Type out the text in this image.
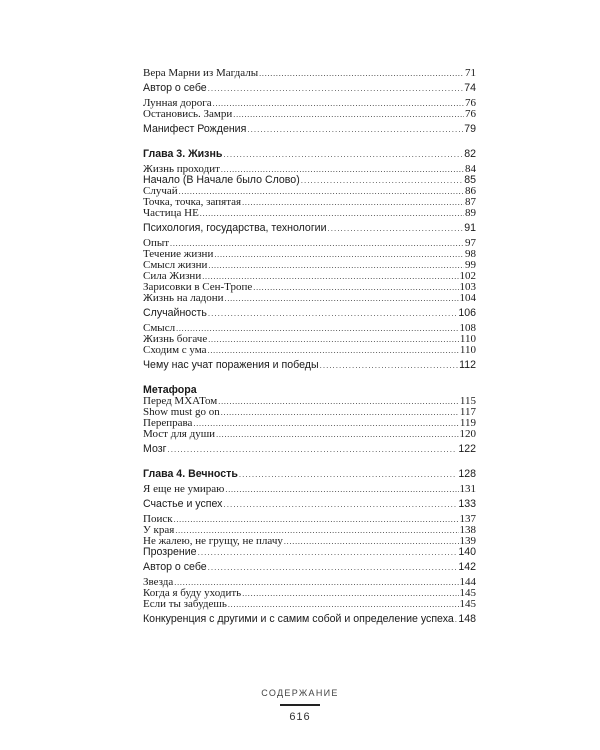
Вера Марни из Магдалы . . .	71
Автор о себе . . .	74
Лунная дорога . . .	76
Остановись. Замри . . .	76
Манифест Рождения . . .	79
Глава 3. Жизнь . . .	82
Жизнь проходит . . .	84
Начало (В Начале было Слово) . . .	85
Случай . . .	86
Точка, точка, запятая . . .	87
Частица НЕ . . .	89
Психология, государства, технологии . . .	91
Опыт . . .	97
Течение жизни . . .	98
Смысл жизни . . .	99
Сила Жизни . . .	102
Зарисовки в Сен-Тропе . . .	103
Жизнь на ладони . . .	104
Случайность . . .	106
Смысл . . .	108
Жизнь богаче . . .	110
Сходим с ума . . .	110
Чему нас учат поражения и победы . . .	112
Метафора
Перед МХАТом . . .	115
Show must go on . . .	117
Переправа . . .	119
Мост для души . . .	120
Мозг . . .	122
Глава 4. Вечность . . .	128
Я еще не умираю . . .	131
Счастье и успех . . .	133
Поиск . . .	137
У края . . .	138
Не жалею, не грущу, не плачу . . .	139
Прозрение . . .	140
Автор о себе . . .	142
Звезда . . .	144
Когда я буду уходить . . .	145
Если ты забудешь . . .	145
Конкуренция с другими и с самим собой и определение успеха . . . 148
СОДЕРЖАНИЕ
616
